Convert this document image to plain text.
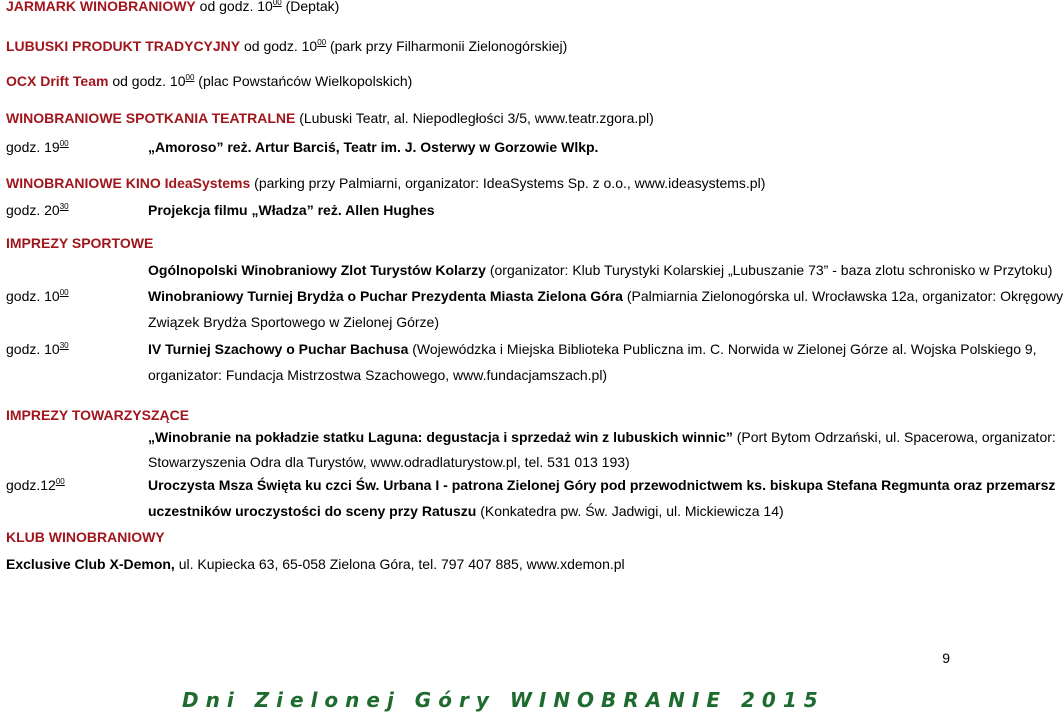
JARMARK WINOBRANIOWY od godz. $10^{00}$ (Deptak)
LUBUSKI PRODUKT TRADYCYJNY od godz. $10^{00}$ (park przy Filharmonii Zielonogórskiej)
OCX Drift Team od godz. $10^{00}$ (plac Powstańców Wielkopolskich)
WINOBRANIOWE SPOTKANIA TEATRALNE (Lubuski Teatr, al. Niepodległości 3/5, www.teatr.zgora.pl)
godz. $19^{00}$	„Amoroso” reż. Artur Barciś, Teatr im. J. Osterwy w Gorzowie Wlkp.
WINOBRANIOWE KINO IdeaSystems (parking przy Palmiarni, organizator: IdeaSystems Sp. z o.o., www.ideasystems.pl)
godz. $20^{30}$	Projekcja filmu „Władza” reż. Allen Hughes
IMPREZY SPORTOWE
Ogólnopolski Winobraniowy Zlot Turystów Kolarzy (organizator: Klub Turystyki Kolarskiej „Lubuszanie 73” - baza zlotu schronisko w Przytoku)
godz. $10^{00}$	Winobraniowy Turniej Brydża o Puchar Prezydenta Miasta Zielona Góra (Palmiarnia Zielonogórska ul. Wrocławska 12a, organizator: Okręgowy
Związek Brydża Sportowego w Zielonej Górze)
godz. $10^{30}$	IV Turniej Szachowy o Puchar Bachusa (Wojewódzka i Miejska Biblioteka Publiczna im. C. Norwida w Zielonej Górze al. Wojska Polskiego 9,
organizator: Fundacja Mistrzostwa Szachowego, www.fundacjamszach.pl)
IMPREZY TOWARZYSZĄCE
„Winobranie na pokładzie statku Laguna: degustacja i sprzedaż win z lubuskich winnic” (Port Bytom Odrzański, ul. Spacerowa, organizator:
Stowarzyszenia Odra dla Turystów, www.odradlaturystow.pl, tel. 531 013 193)
$godz.12^{00}$	Uroczysta Msza Święta ku czci Św. Urbana I - patrona Zielonej Góry pod przewodnictwem ks. biskupa Stefana Regmunta oraz przemarsz
uczestników uroczystości do sceny przy Ratuszu (Konkatedra pw. Św. Jadwigi, ul. Mickiewicza 14)
KLUB WINOBRANIOWY
Exclusive Club X-Demon, ul. Kupiecka 63, 65-058 Zielona Góra, tel. 797 407 885, www.xdemon.pl
9
Dni Zielonej Góry WINOBRANIE 2015
